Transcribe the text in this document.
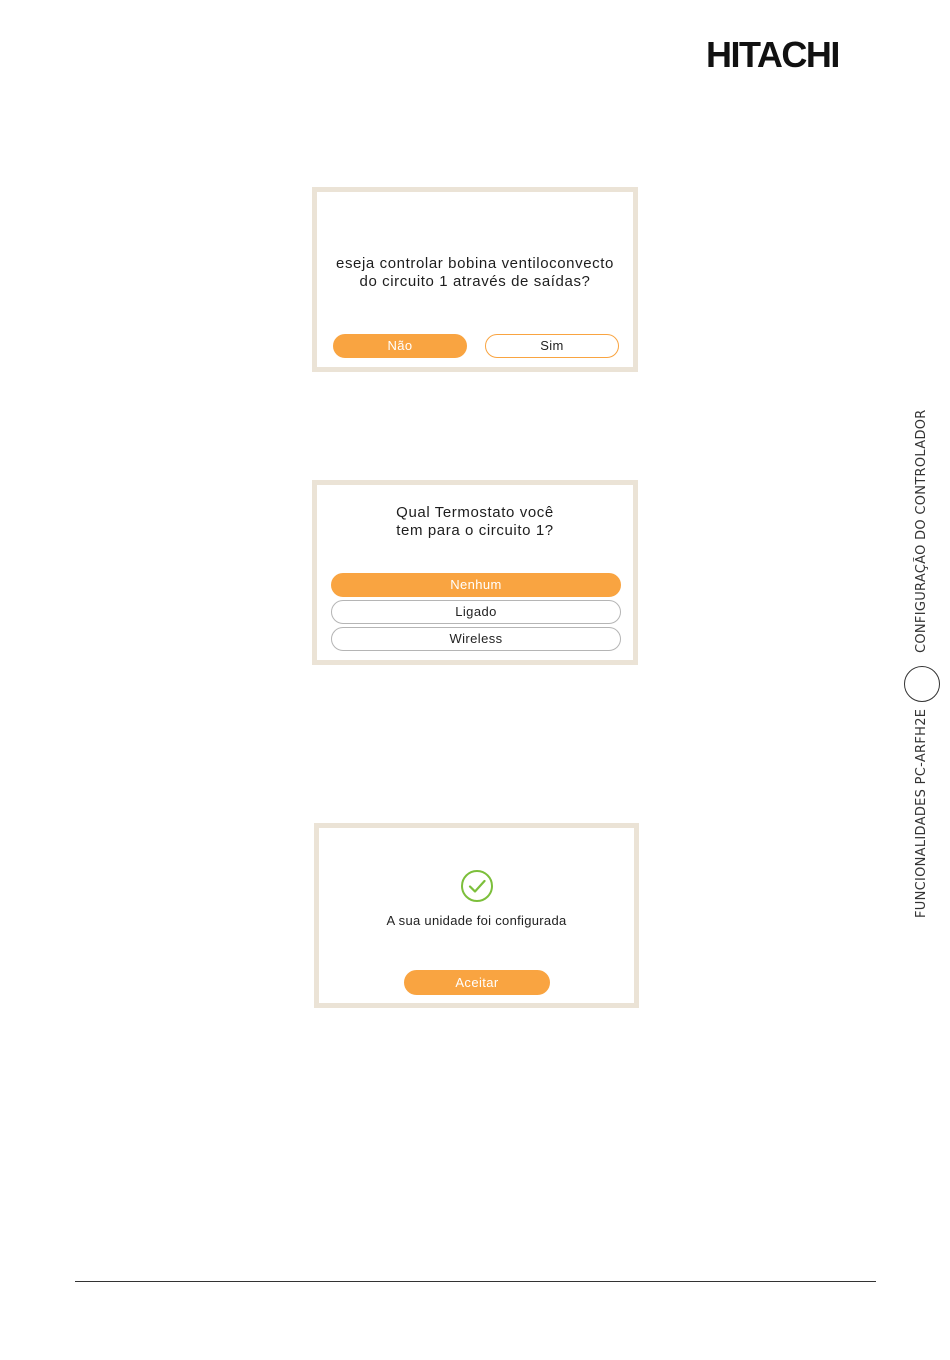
HITACHI
eseja controlar bobina ventiloconvecto
do circuito 1 através de saídas?
Não	Sim
Qual Termostato você
tem para o circuito 1?
Nenhum
Ligado
Wireless
A sua unidade foi configurada
Aceitar
CONFIGURAÇÃO DO CONTROLADOR
FUNCIONALIDADES PC-ARFH2E
